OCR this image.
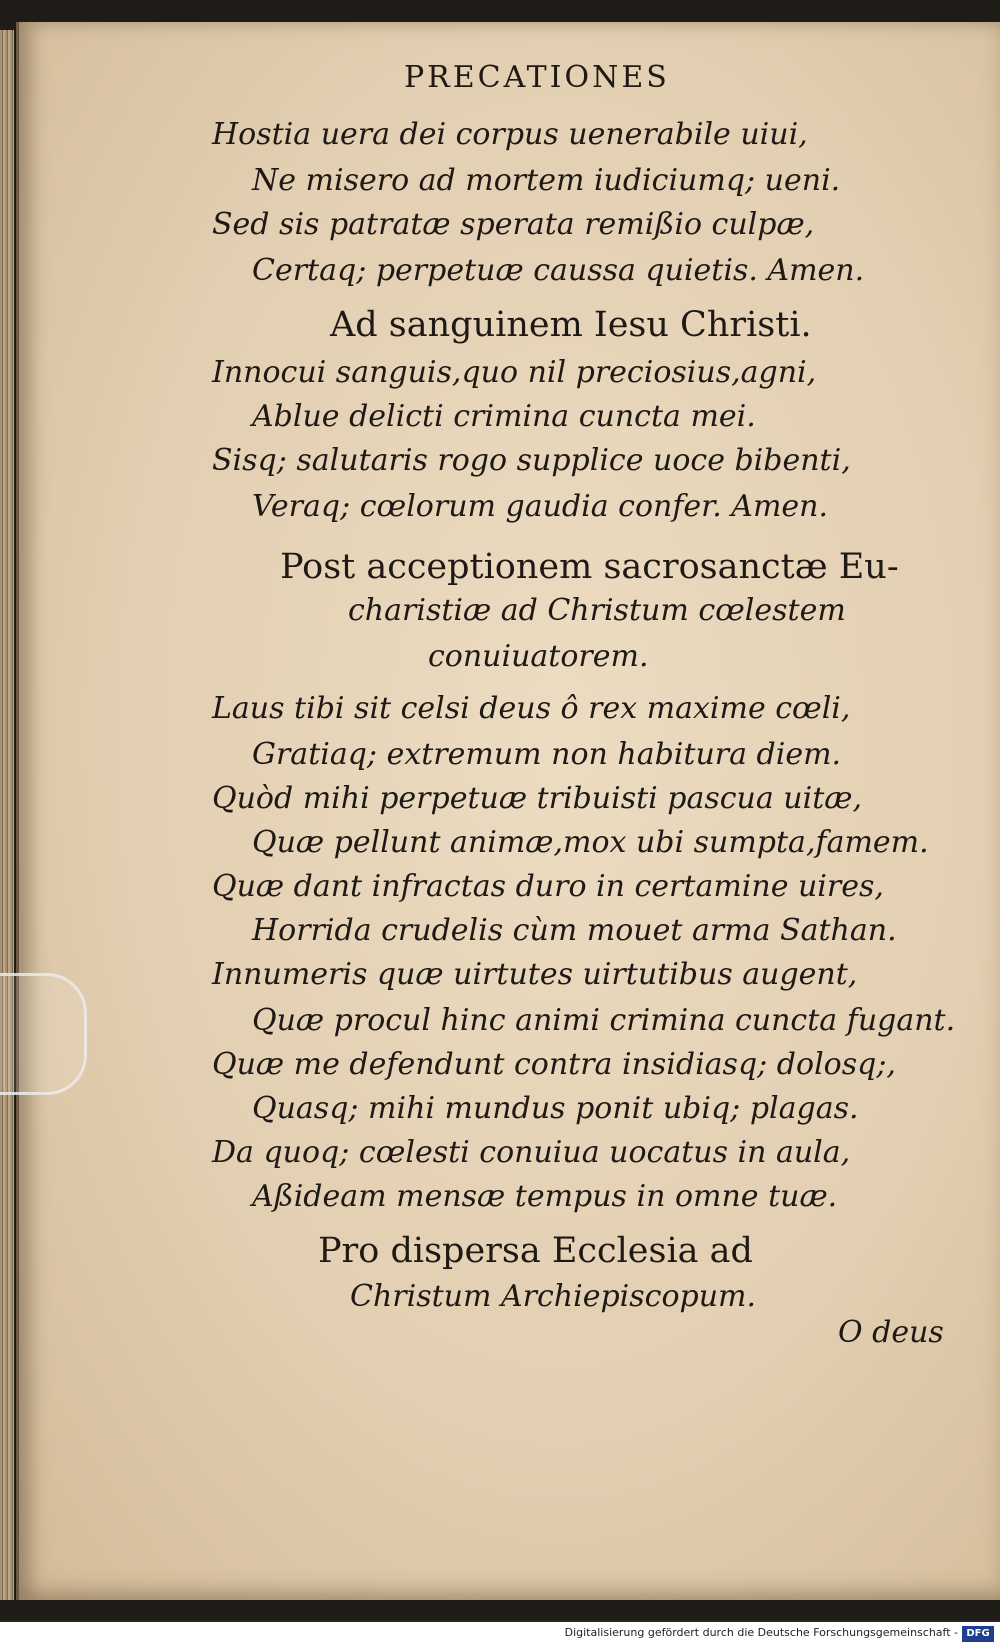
PRECATIONES
Hostia uera dei corpus uenerabile uiui,
Ne misero ad mortem iudiciumq; ueni.
Sed sis patratæ sperata remißio culpæ,
Certaq; perpetuæ caussa quietis. Amen.
Ad sanguinem Iesu Christi.
Innocui sanguis,quo nil preciosius,agni,
Ablue delicti crimina cuncta mei.
Sisq; salutaris rogo supplice uoce bibenti,
Veraq; cœlorum gaudia confer. Amen.
Post acceptionem sacrosanctæ Eu-
charistiæ ad Christum cœlestem
conuiuatorem.
Laus tibi sit celsi deus ô rex maxime cœli,
Gratiaq; extremum non habitura diem.
Quòd mihi perpetuæ tribuisti pascua uitæ,
Quæ pellunt animæ,mox ubi sumpta,famem.
Quæ dant infractas duro in certamine uires,
Horrida crudelis cùm mouet arma Sathan.
Innumeris quæ uirtutes uirtutibus augent,
Quæ procul hinc animi crimina cuncta fugant.
Quæ me defendunt contra insidiasq; dolosq;,
Quasq; mihi mundus ponit ubiq; plagas.
Da quoq; cœlesti conuiua uocatus in aula,
Aßideam mensæ tempus in omne tuæ.
Pro dispersa Ecclesia ad
Christum Archiepiscopum.
O deus
Digitalisierung gefördert durch die Deutsche Forschungsgemeinschaft - DFG
